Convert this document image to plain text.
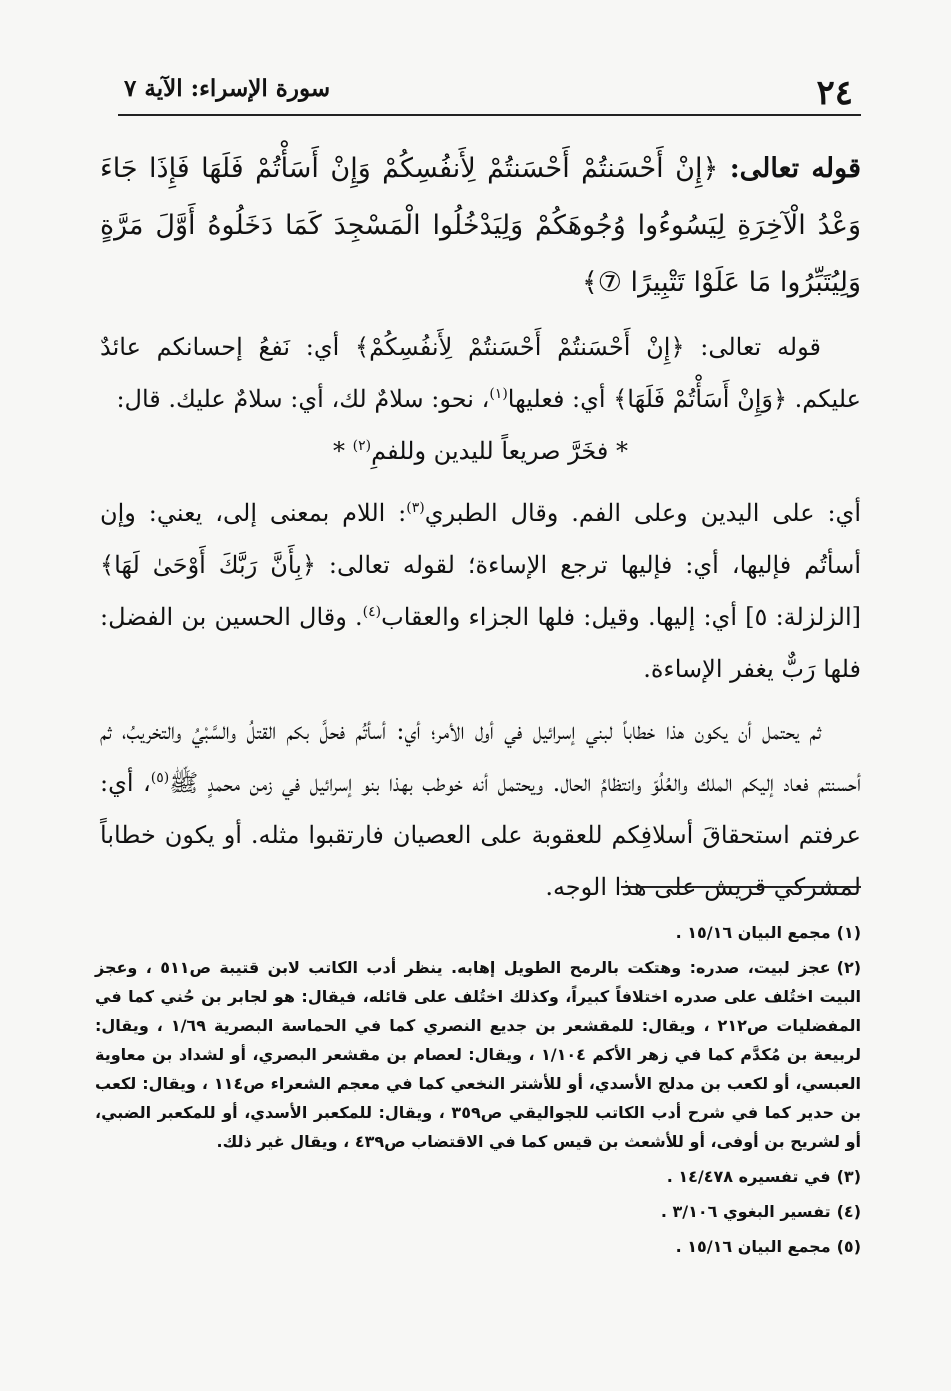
٢٤
سورة الإسراء: الآية ٧

قوله تعالى: ﴿إِنْ أَحْسَنتُمْ أَحْسَنتُمْ لِأَنفُسِكُمْ وَإِنْ أَسَأْتُمْ فَلَهَا فَإِذَا جَاءَ وَعْدُ الْآخِرَةِ لِيَسُوءُوا وُجُوهَكُمْ وَلِيَدْخُلُوا الْمَسْجِدَ كَمَا دَخَلُوهُ أَوَّلَ مَرَّةٍ وَلِيُتَبِّرُوا مَا عَلَوْا تَتْبِيرًا ⑦﴾

قوله تعالى: ﴿إِنْ أَحْسَنتُمْ أَحْسَنتُمْ لِأَنفُسِكُمْ﴾ أي: نَفعُ إحسانكم عائدٌ عليكم. ﴿وَإِنْ أَسَأْتُمْ فَلَهَا﴾ أي: فعليها$^{(١)}$، نحو: سلامٌ لك، أي: سلامٌ عليك. قال:

* فخَرَّ صريعاً لليدين وللفمِ$^{(٢)}$ *

أي: على اليدين وعلى الفم. وقال الطبري$^{(٣)}$: اللام بمعنى إلى، يعني: وإن أسأتُم فإليها، أي: فإليها ترجع الإساءة؛ لقوله تعالى: ﴿بِأَنَّ رَبَّكَ أَوْحَىٰ لَهَا﴾ [الزلزلة: ٥] أي: إليها. وقيل: فلها الجزاء والعقاب$^{(٤)}$. وقال الحسين بن الفضل: فلها رَبٌّ يغفر الإساءة.

ثم يحتمل أن يكون هذا خطاباً لبني إسرائيل في أول الأمر؛ أي: أسأتُم فحلَّ بكم القتلُ والسَّبْيُ والتخريبُ، ثم أحسنتم فعاد إليكم الملك والعُلُوّ وانتظامُ الحال. ويحتمل أنه خوطب بهذا بنو إسرائيل في زمن محمدٍ ﷺ$^{(٥)}$، أي: عرفتم استحقاقَ أسلافِكم للعقوبة على العصيان فارتقبوا مثله. أو يكون خطاباً لمشركي قريش على هذا الوجه.

(١)مجمع البيان ١٥/١٦ .

(٢)عجز لبيت، صدره: وهتكت بالرمح الطويل إهابه. ينظر أدب الكاتب لابن قتيبة ص٥١١ ، وعجز البيت اختُلف على صدره اختلافاً كبيراً، وكذلك اختُلف على قائله، فيقال: هو لجابر بن حُني كما في المفضليات ص٢١٢ ، ويقال: للمقشعر بن جديع النصري كما في الحماسة البصرية ١/٦٩ ، ويقال: لربيعة بن مُكدَّم كما في زهر الأكم ١/١٠٤ ، ويقال: لعصام بن مقشعر البصري، أو لشداد بن معاوية العبسي، أو لكعب بن مدلج الأسدي، أو للأشتر النخعي كما في معجم الشعراء ص١١٤ ، ويقال: لكعب بن حدير كما في شرح أدب الكاتب للجواليقي ص٣٥٩ ، ويقال: للمكعبر الأسدي، أو للمكعبر الضبي، أو لشريح بن أوفى، أو للأشعث بن قيس كما في الاقتضاب ص٤٣٩ ، ويقال غير ذلك.

(٣)في تفسيره ١٤/٤٧٨ .

(٤)تفسير البغوي ٣/١٠٦ .

(٥)مجمع البيان ١٥/١٦ .
